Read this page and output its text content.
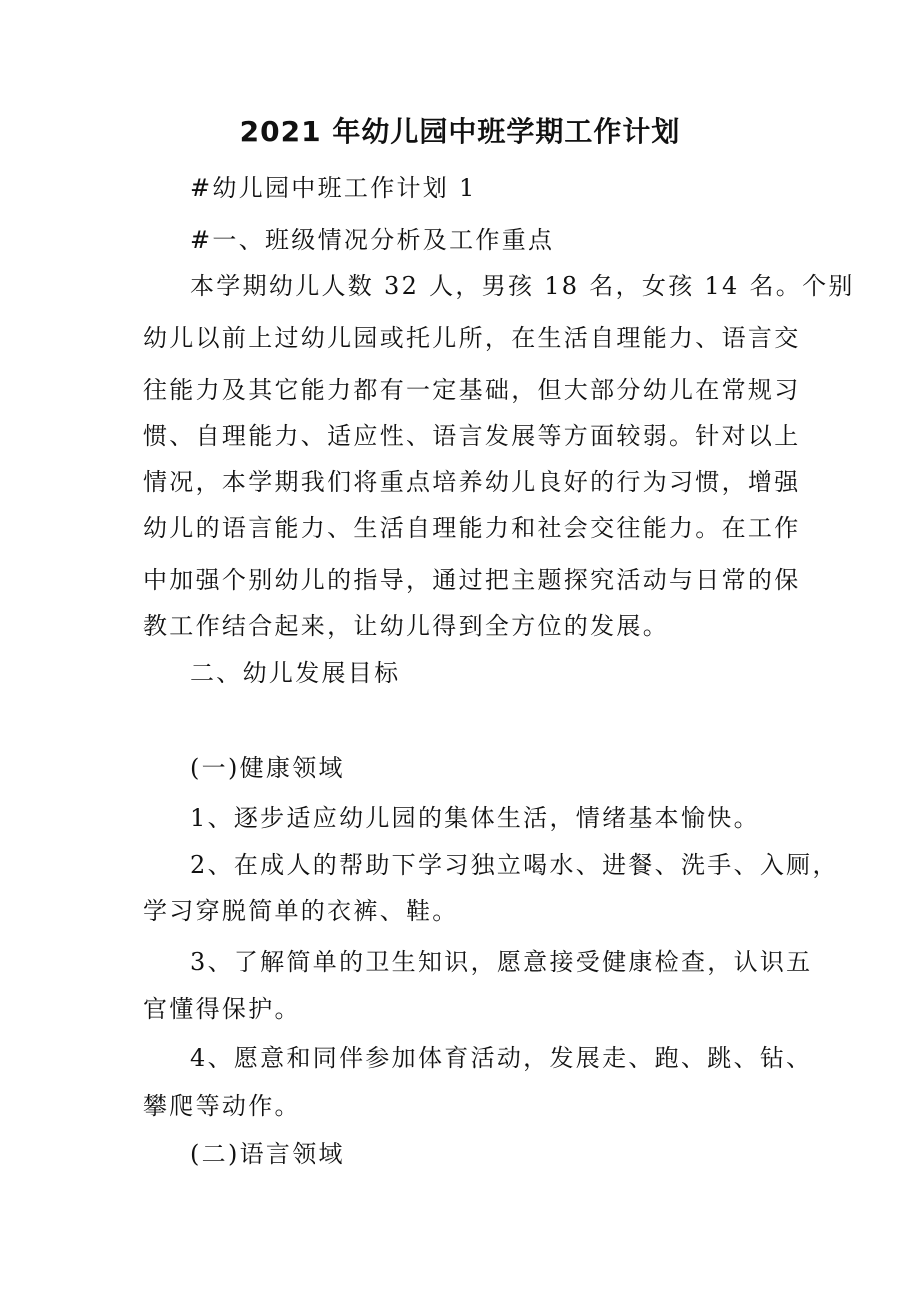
2021 年幼儿园中班学期工作计划

#幼儿园中班工作计划 1

#一、班级情况分析及工作重点

本学期幼儿人数 32 人，男孩 18 名，女孩 14 名。个别

幼儿以前上过幼儿园或托儿所，在生活自理能力、语言交

往能力及其它能力都有一定基础，但大部分幼儿在常规习

惯、自理能力、适应性、语言发展等方面较弱。针对以上

情况，本学期我们将重点培养幼儿良好的行为习惯，增强

幼儿的语言能力、生活自理能力和社会交往能力。在工作

中加强个别幼儿的指导，通过把主题探究活动与日常的保

教工作结合起来，让幼儿得到全方位的发展。

二、幼儿发展目标

(一)健康领域

1、逐步适应幼儿园的集体生活，情绪基本愉快。

2、在成人的帮助下学习独立喝水、进餐、洗手、入厕，

学习穿脱简单的衣裤、鞋。

3、了解简单的卫生知识，愿意接受健康检查，认识五

官懂得保护。

4、愿意和同伴参加体育活动，发展走、跑、跳、钻、

攀爬等动作。

(二)语言领域
